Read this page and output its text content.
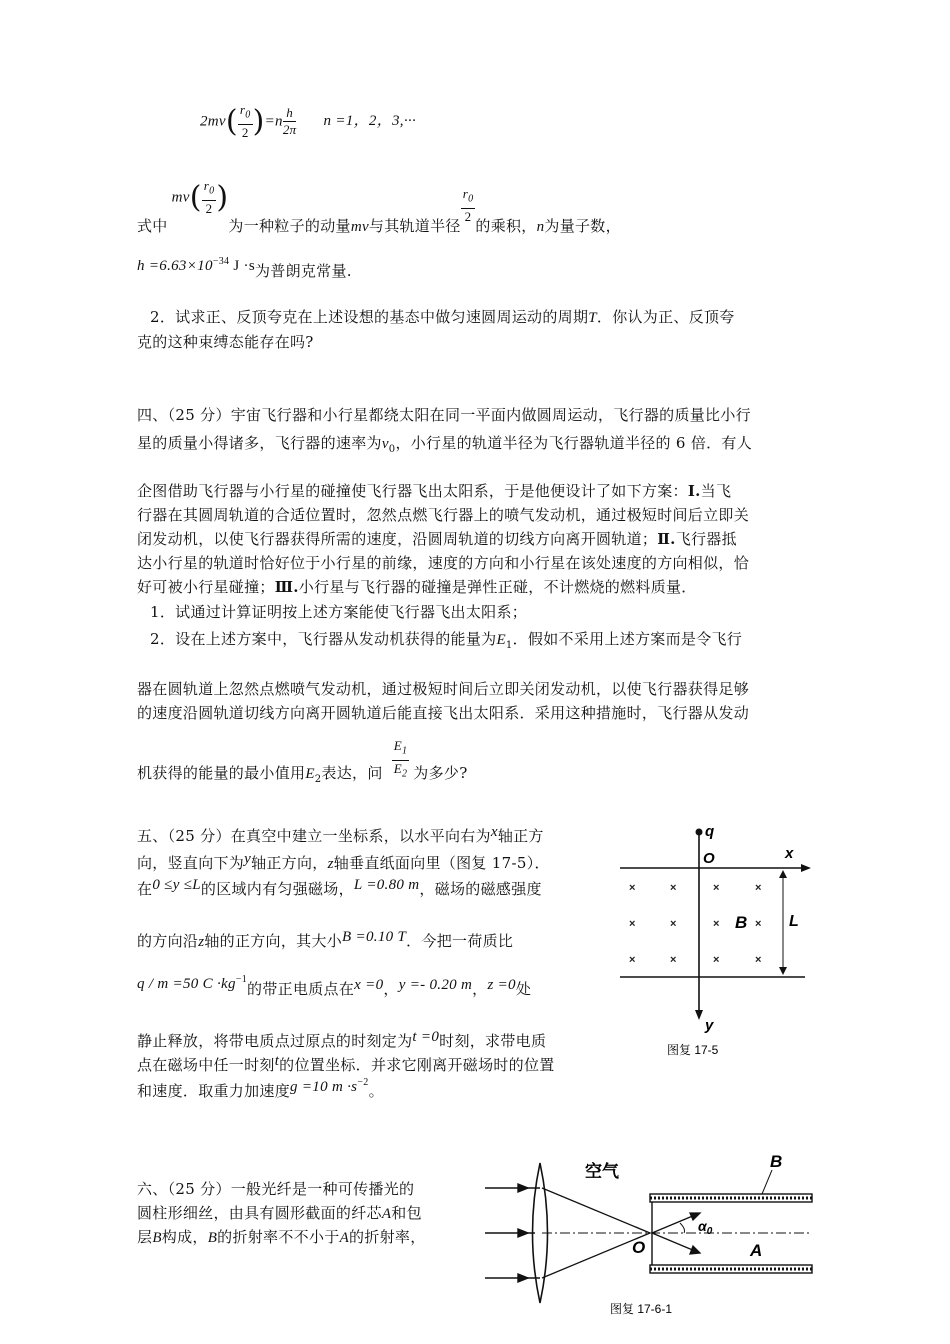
$2mv( \frac{r_0}{2} )=n \frac{h}{2\pi}$ n =1，2，3,···
式中$mv( \frac{r_0}{2}$ )为一种粒子的动量mv与其轨道半径
$\frac{r_0}{2}$
的乘积，n为量子数，
$h =6.63\times 10^{-34}$ J ·s为普朗克常量.
2．试求正、反顶夸克在上述设想的基态中做匀速圆周运动的周期T．你认为正、反顶夸
克的这种束缚态能存在吗?
四、（25 分）宇宙飞行器和小行星都绕太阳在同一平面内做圆周运动，飞行器的质量比小行
星的质量小得诸多，飞行器的速率为$v_0$，小行星的轨道半径为飞行器轨道半径的 6 倍．有人
企图借助飞行器与小行星的碰撞使飞行器飞出太阳系，于是他便设计了如下方案：Ⅰ.当飞
行器在其圆周轨道的合适位置时，忽然点燃飞行器上的喷气发动机，通过极短时间后立即关
闭发动机，以使飞行器获得所需的速度，沿圆周轨道的切线方向离开圆轨道；Ⅱ.飞行器抵
达小行星的轨道时恰好位于小行星的前缘，速度的方向和小行星在该处速度的方向相似，恰
好可被小行星碰撞；Ⅲ.小行星与飞行器的碰撞是弹性正碰，不计燃烧的燃料质量．
1．试通过计算证明按上述方案能使飞行器飞出太阳系；
2．设在上述方案中，飞行器从发动机获得的能量为$E_1$．假如不采用上述方案而是令飞行
器在圆轨道上忽然点燃喷气发动机，通过极短时间后立即关闭发动机，以使飞行器获得足够
的速度沿圆轨道切线方向离开圆轨道后能直接飞出太阳系．采用这种措施时，飞行器从发动
机获得的能量的最小值用$E_2$表达，问 $\frac{E_1}{E_2}$ 为多少?
五、（25 分）在真空中建立一坐标系，以水平向右为x轴正方
向，竖直向下为y轴正方向，z轴垂直纸面向里（图复 17-5）．
在0 ≤y ≤L的区域内有匀强磁场，L =0.80 m，磁场的磁感强度
的方向沿z轴的正方向，其大小B =0.10 T．今把一荷质比
q / m =50 $C \cdot kg^{-1}$的带正电质点在x =0，y =- 0.20 m，z =0处
静止释放，将带电质点过原点的时刻定为t =0时刻，求带电质
点在磁场中任一时刻t的位置坐标．并求它刚离开磁场时的位置
和速度．取重力加速度g =10 $m \cdot s^{-2}$。
×	×	×	×
×	×	×	×
×	×	×	×
q
O	x
y
B	L
图复 17-5
六、（25 分）一般光纤是一种可传播光的
圆柱形细丝，由具有圆形截面的纤芯A和包
层B构成，B的折射率不不小于A的折射率，
空气
B
A
O
$\alpha_0$
图复 17-6-1
